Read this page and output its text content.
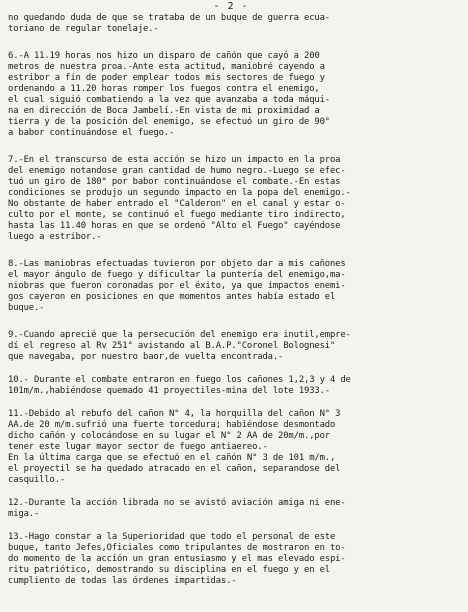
- 2 -

no quedando duda de que se trataba de un buque de guerra ecua-
toriano de regular tonelaje.-

6.-A 11.19 horas nos hizo un disparo de cañón que cayó a 200
metros de nuestra proa.-Ante esta actitud, maniobré cayendo a
estribor a fin de poder emplear todos mis sectores de fuego y
ordenando a 11.20 horas romper los fuegos contra el enemigo,
el cual siguió combatiendo a la vez que avanzaba a toda máqui-
na en dirección de Boca Jambelí.-En vista de mi proximidad a
tierra y de la posición del enemigo, se efectuó un giro de 90°
a babor continuándose el fuego.-

7.-En el transcurso de esta acción se hizo un impacto en la proa
del enemigo notandose gran cantidad de humo negro.-Luego se efec-
tuó un giro de 180° por babor continuándose el combate.-En estas
condiciones se produjo un segundo impacto en la popa del enemigo.-
No obstante de haber entrado el "Calderon" en el canal y estar o-
culto por el monte, se continuó el fuego mediante tiro indirecto,
hasta las 11.40 horas en que se ordenó "Alto el Fuego" cayéndose
luego a estribor.-

8.-Las maniobras efectuadas tuvieron por objeto dar a mis cañones
el mayor ángulo de fuego y dificultar la puntería del enemigo,ma-
niobras que fueron coronadas por el éxito, ya que impactos enemi-
gos cayeron en posiciones en que momentos antes había estado el
buque.-

9.-Cuando aprecié que la persecución del enemigo era inutil,empre-
dí el regreso al Rv 251° avistando al B.A.P."Coronel Bolognesi"
que navegaba, por nuestro baor,de vuelta encontrada.-

10.- Durante el combate entraron en fuego los cañones 1,2,3 y 4 de
101m/m.,habiéndose quemado 41 proyectiles-mina del lote 1933.-

11.-Debido al rebufo del cañon N° 4, la horquilla del cañon N° 3
AA.de 20 m/m.sufrió una fuerte torcedura; habiéndose desmontado
dicho cañón y colocándose en su lugar el N° 2 AA de 20m/m.,por
tener este lugar mayor sector de fuego antiaereo.-
En la última carga que se efectuó en el cañón N° 3 de 101 m/m.,
el proyectil se ha quedado atracado en el cañon, separandose del
casquillo.-

12.-Durante la acción librada no se avistó aviación amiga ni ene-
miga.-

13.-Hago constar a la Superioridad que todo el personal de este
buque, tanto Jefes,Oficiales como tripulantes de mostraron en to-
do momento de la acción un gran entusiasmo y el mas elevado espi-
ritu patriótico, demostrando su disciplina en el fuego y en el
cumpliento de todas las órdenes impartidas.-
